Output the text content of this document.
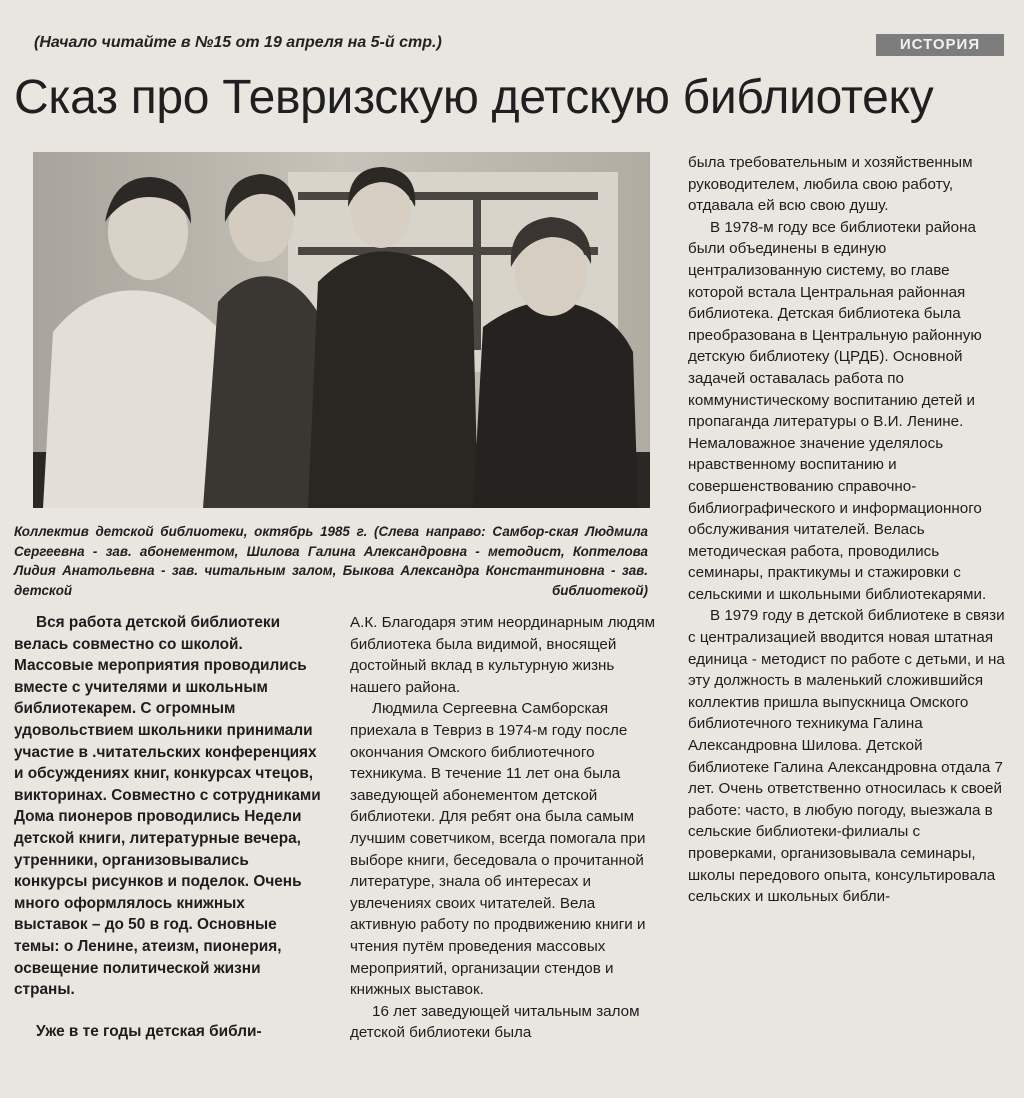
(Начало читайте в №15 от 19 апреля на 5-й стр.)	ИСТОРИЯ
Сказ про Тевризскую детскую библиотеку
Коллектив детской библиотеки, октябрь 1985 г. (Слева направо: Самбор-ская Людмила Сергеевна - зав. абонементом, Шилова Галина Александровна - методист, Коптелова Лидия Анатольевна - зав. читальным залом, Быкова Александра Константиновна - зав. детской библиотекой)

Вся работа детской библиотеки велась совместно со школой. Массовые мероприятия проводились вместе с учителями и школьным библиотекарем. С огромным удовольствием школьники принимали участие в .читательских конференциях и обсуждениях книг, конкурсах чтецов, викторинах. Совместно с сотрудниками Дома пионеров проводились Недели детской книги, литературные вечера, утренники, организовывались конкурсы рисунков и поделок. Очень много оформлялось книжных выставок – до 50 в год. Основные темы: о Ленине, атеизм, пионерия, освещение политической жизни страны.

Уже в те годы детская библи-

А.К. Благодаря этим неординарным людям библиотека была видимой, вносящей достойный вклад в культурную жизнь нашего района.

Людмила Сергеевна Самборская приехала в Тевриз в 1974-м году после окончания Омского библиотечного техникума. В течение 11 лет она была заведующей абонементом детской библиотеки. Для ребят она была самым лучшим советчиком, всегда помогала при выборе книги, беседовала о прочитанной литературе, знала об интересах и увлечениях своих читателей. Вела активную работу по продвижению книги и чтения путём проведения массовых мероприятий, организации стендов и книжных выставок.

16 лет заведующей читальным залом детской библиотеки была

была требовательным и хозяйственным руководителем, любила свою работу, отдавала ей всю свою душу.

В 1978-м году все библиотеки района были объединены в единую централизованную систему, во главе которой встала Центральная районная библиотека. Детская библиотека была преобразована в Центральную районную детскую библиотеку (ЦРДБ). Основной задачей оставалась работа по коммунистическому воспитанию детей и пропаганда литературы о В.И. Ленине. Немаловажное значение уделялось нравственному воспитанию и совершенствованию справочно-библиографического и информационного обслуживания читателей. Велась методическая работа, проводились семинары, практикумы и стажировки с сельскими и школьными библиотекарями.

В 1979 году в детской библиотеке в связи с централизацией вводится новая штатная единица - методист по работе с детьми, и на эту должность в маленький сложившийся коллектив пришла выпускница Омского библиотечного техникума Галина Александровна Шилова. Детской библиотеке Галина Александровна отдала 7 лет. Очень ответственно относилась к своей работе: часто, в любую погоду, выезжала в сельские библиотеки-филиалы с проверками, организовывала семинары, школы передового опыта, консультировала сельских и школьных библи-
